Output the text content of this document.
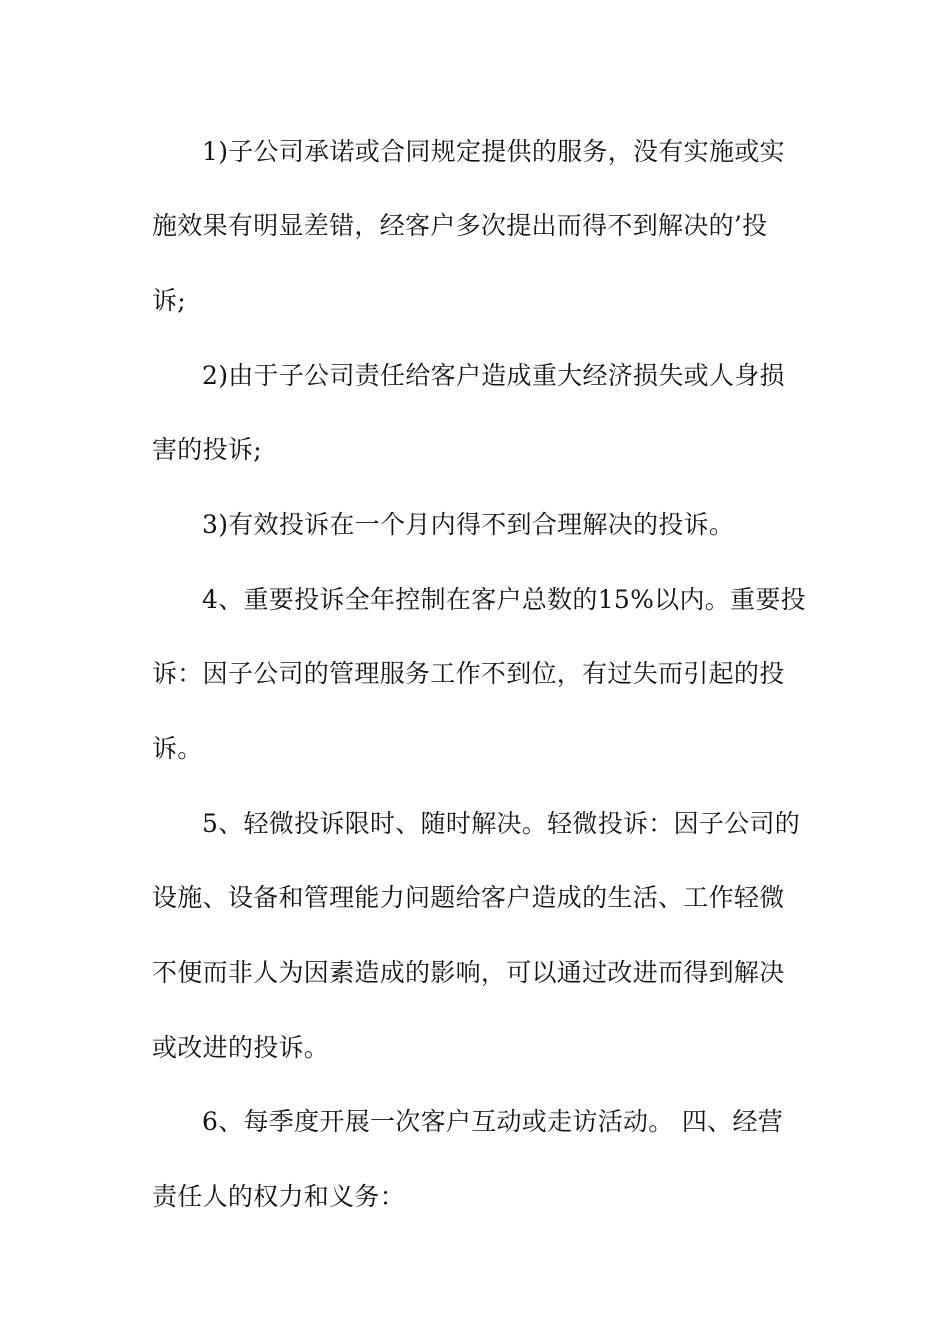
1)子公司承诺或合同规定提供的服务，没有实施或实
施效果有明显差错，经客户多次提出而得不到解决的’投
诉;
2)由于子公司责任给客户造成重大经济损失或人身损
害的投诉;
3)有效投诉在一个月内得不到合理解决的投诉。
4、重要投诉全年控制在客户总数的15%以内。重要投
诉：因子公司的管理服务工作不到位，有过失而引起的投
诉。
5、轻微投诉限时、随时解决。轻微投诉：因子公司的
设施、设备和管理能力问题给客户造成的生活、工作轻微
不便而非人为因素造成的影响，可以通过改进而得到解决
或改进的投诉。
6、每季度开展一次客户互动或走访活动。 四、经营
责任人的权力和义务：
